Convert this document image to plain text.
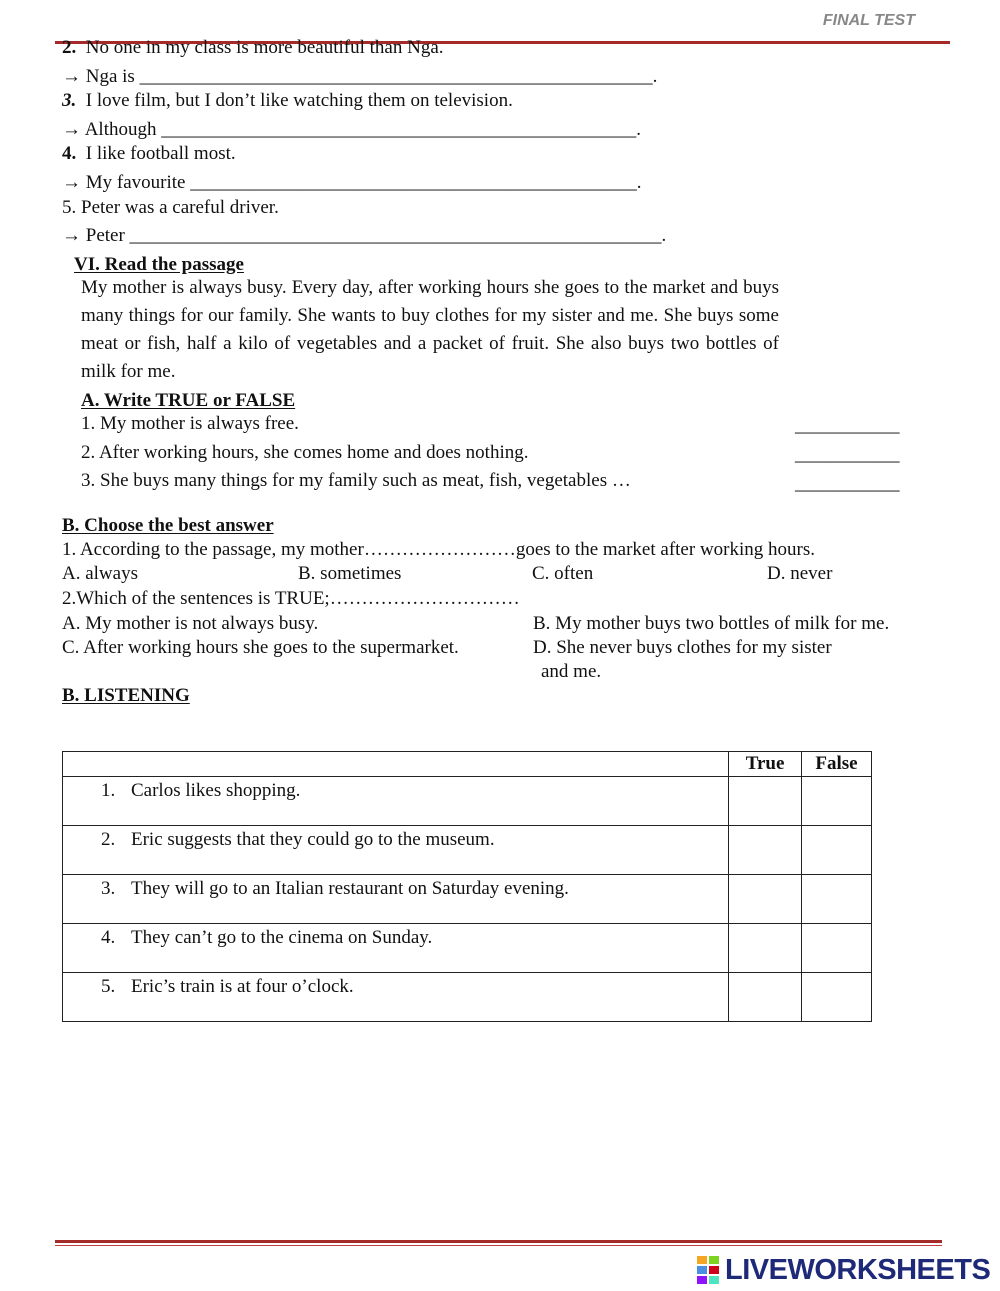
FINAL TEST
2. No one in my class is more beautiful than Nga.
→ Nga is ______________________________________________________.
3. I love film, but I don’t like watching them on television.
→ Although __________________________________________________.
4. I like football most.
→ My favourite _______________________________________________.
5. Peter was a careful driver.
→ Peter ________________________________________________________.
VI. Read the passage
My mother is always busy. Every day, after working hours she goes to the market and buys many things for our family. She wants to buy clothes for my sister and me. She buys some meat or fish, half a kilo of vegetables and a packet of fruit. She also buys two bottles of milk for me.
A. Write TRUE or FALSE
1. My mother is always free.	___________
2. After working hours, she comes home and does nothing.	___________
3. She buys many things for my family such as meat, fish, vegetables …	___________
B. Choose the best answer
1. According to the passage, my mother……………………goes to the market after working hours.
A. always	B. sometimes	C. often	D. never
2.Which of the sentences is TRUE;…………………………
A. My mother is not always busy.	B. My mother buys two bottles of milk for me.
C. After working hours she goes to the supermarket.	D. She never buys clothes for my sister
and me.
B. LISTENING
	True	False

1. Carlos likes shopping.		

2. Eric suggests that they could go to the museum.		

3. They will go to an Italian restaurant on Saturday evening.		

4. They can’t go to the cinema on Sunday.		

5. Eric’s train is at four o’clock.		

LIVEWORKSHEETS
